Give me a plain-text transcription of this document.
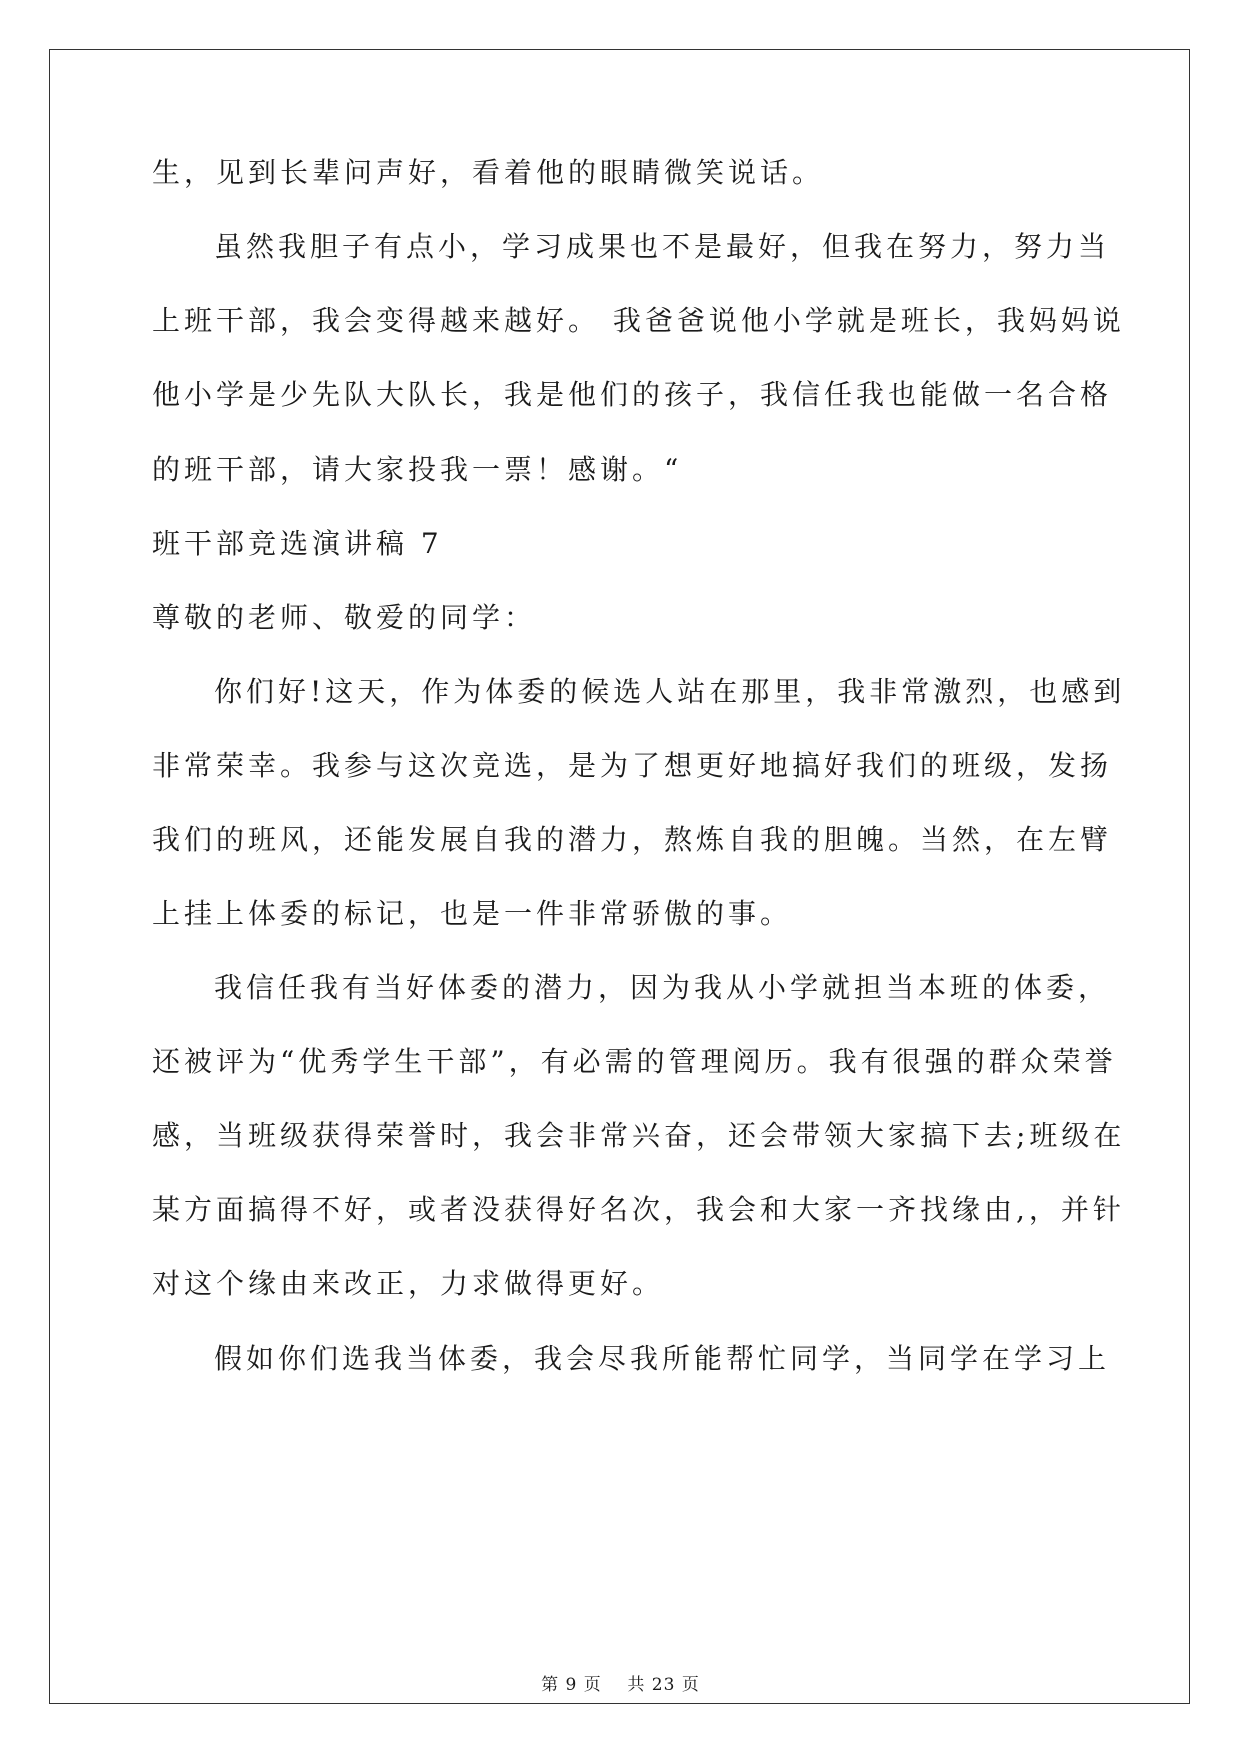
生，见到长辈问声好，看着他的眼睛微笑说话。
虽然我胆子有点小，学习成果也不是最好，但我在努力，努力当
上班干部，我会变得越来越好。 我爸爸说他小学就是班长，我妈妈说
他小学是少先队大队长，我是他们的孩子，我信任我也能做一名合格
的班干部，请大家投我一票！感谢。“
班干部竞选演讲稿 7
尊敬的老师、敬爱的同学：
你们好!这天，作为体委的候选人站在那里，我非常激烈，也感到
非常荣幸。我参与这次竞选，是为了想更好地搞好我们的班级，发扬
我们的班风，还能发展自我的潜力，熬炼自我的胆魄。当然，在左臂
上挂上体委的标记，也是一件非常骄傲的事。
我信任我有当好体委的潜力，因为我从小学就担当本班的体委，
还被评为“优秀学生干部”，有必需的管理阅历。我有很强的群众荣誉
感，当班级获得荣誉时，我会非常兴奋，还会带领大家搞下去;班级在
某方面搞得不好，或者没获得好名次，我会和大家一齐找缘由,，并针
对这个缘由来改正，力求做得更好。
假如你们选我当体委，我会尽我所能帮忙同学，当同学在学习上
第 9 页    共 23 页
